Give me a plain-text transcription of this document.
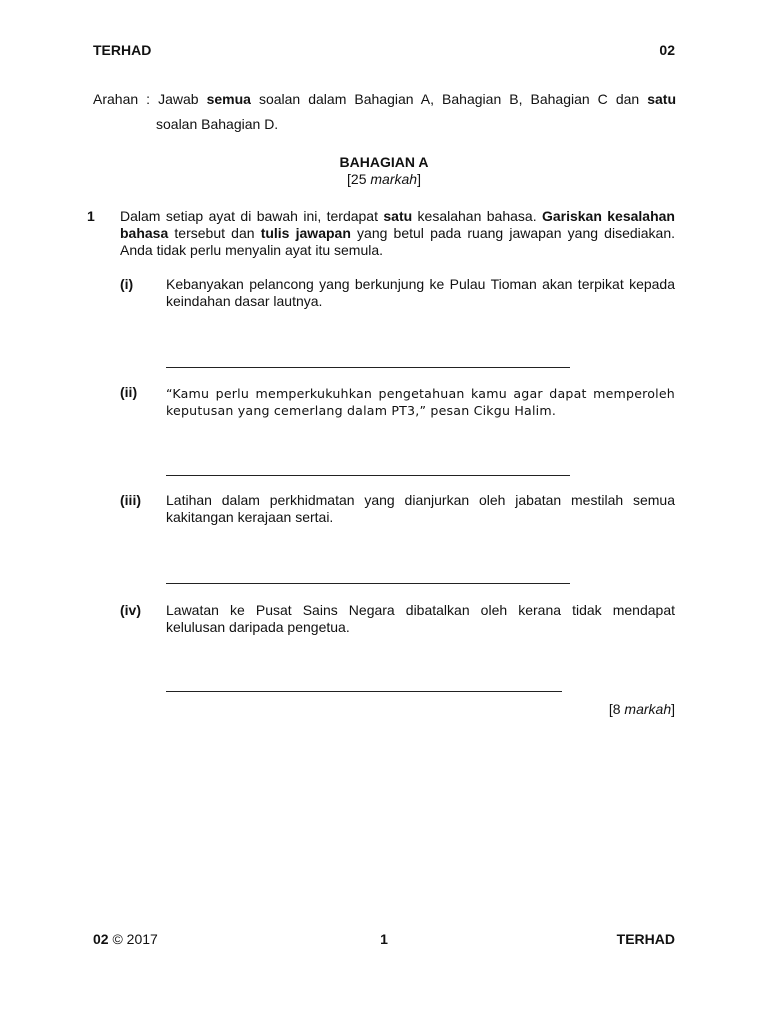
TERHAD	02
Arahan : Jawab semua soalan dalam Bahagian A, Bahagian B, Bahagian C dan satu
soalan Bahagian D.
BAHAGIAN A
[25 markah]
1 Dalam setiap ayat di bawah ini, terdapat satu kesalahan bahasa. Gariskan kesalahan
bahasa tersebut dan tulis jawapan yang betul pada ruang jawapan yang disediakan.
Anda tidak perlu menyalin ayat itu semula.
(i) Kebanyakan pelancong yang berkunjung ke Pulau Tioman akan terpikat kepada
keindahan dasar lautnya.
(ii) “Kamu perlu memperkukuhkan pengetahuan kamu agar dapat memperoleh
keputusan yang cemerlang dalam PT3,” pesan Cikgu Halim.
(iii) Latihan dalam perkhidmatan yang dianjurkan oleh jabatan mestilah semua
kakitangan kerajaan sertai.
(iv) Lawatan ke Pusat Sains Negara dibatalkan oleh kerana tidak mendapat
kelulusan daripada pengetua.
[8 markah]
02 © 2017	1	TERHAD
